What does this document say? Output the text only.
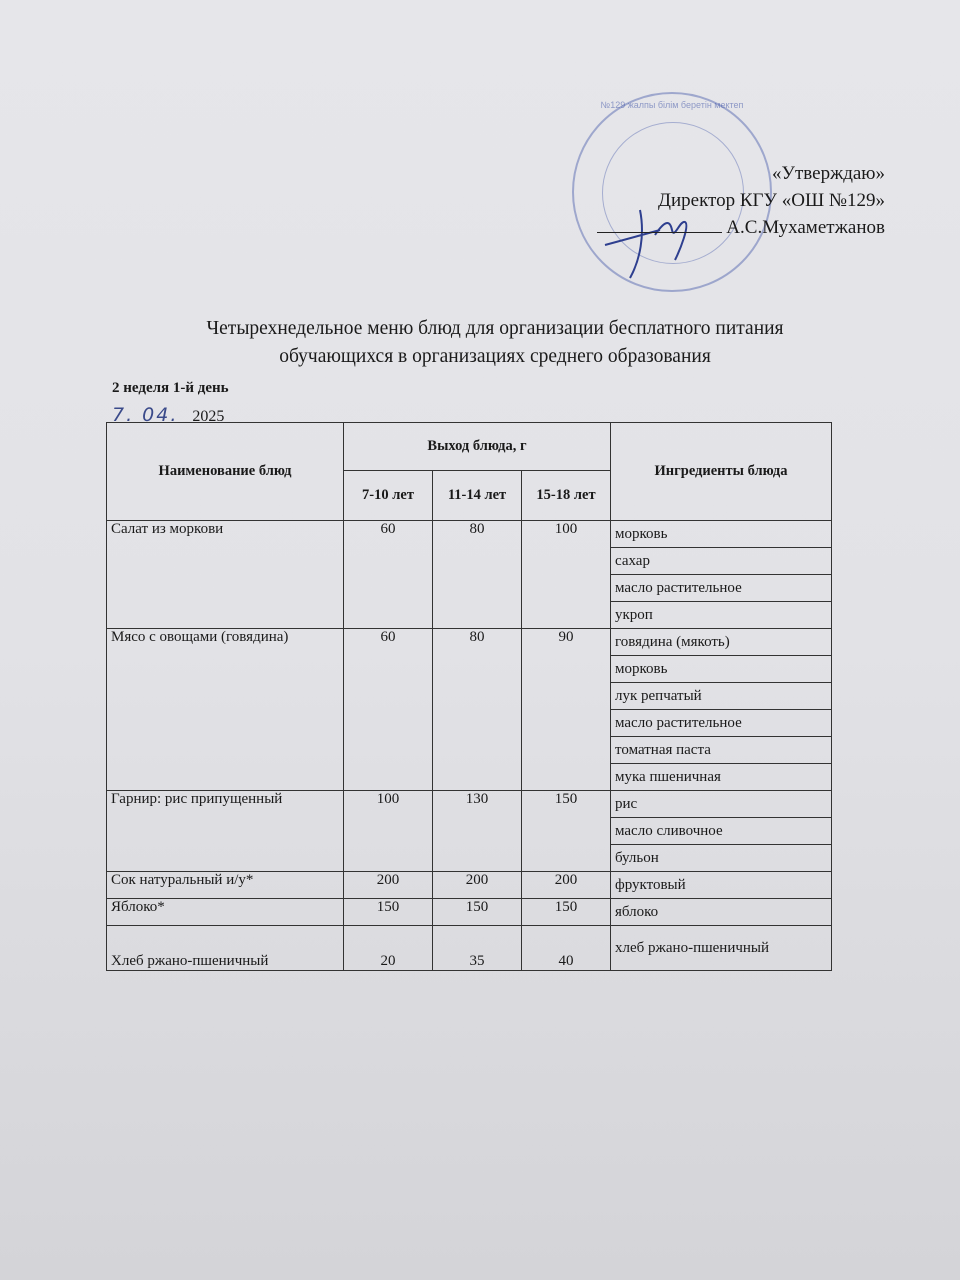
№129 жалпы білім беретін мектеп
«Утверждаю»
Директор КГУ «ОШ №129»
А.С.Мухаметжанов
Четырехнедельное меню блюд для организации бесплатного питания
обучающихся в организациях среднего образования
2 неделя 1-й день
7. 04. 2025
Наименование блюд	Выход блюда, г			Ингредиенты блюда
	7-10 лет	11-14 лет	15-18 лет	
Салат из моркови	60	80	100	морковь
				сахар
				масло растительное
				укроп
Мясо с овощами (говядина)	60	80	90	говядина (мякоть)
				морковь
				лук репчатый
				масло растительное
				томатная паста
				мука пшеничная
Гарнир: рис припущенный	100	130	150	рис
				масло сливочное
				бульон
Сок натуральный и/у*	200	200	200	фруктовый
Яблоко*	150	150	150	яблоко
Хлеб ржано-пшеничный	20	35	40	хлеб ржано-пшеничный
